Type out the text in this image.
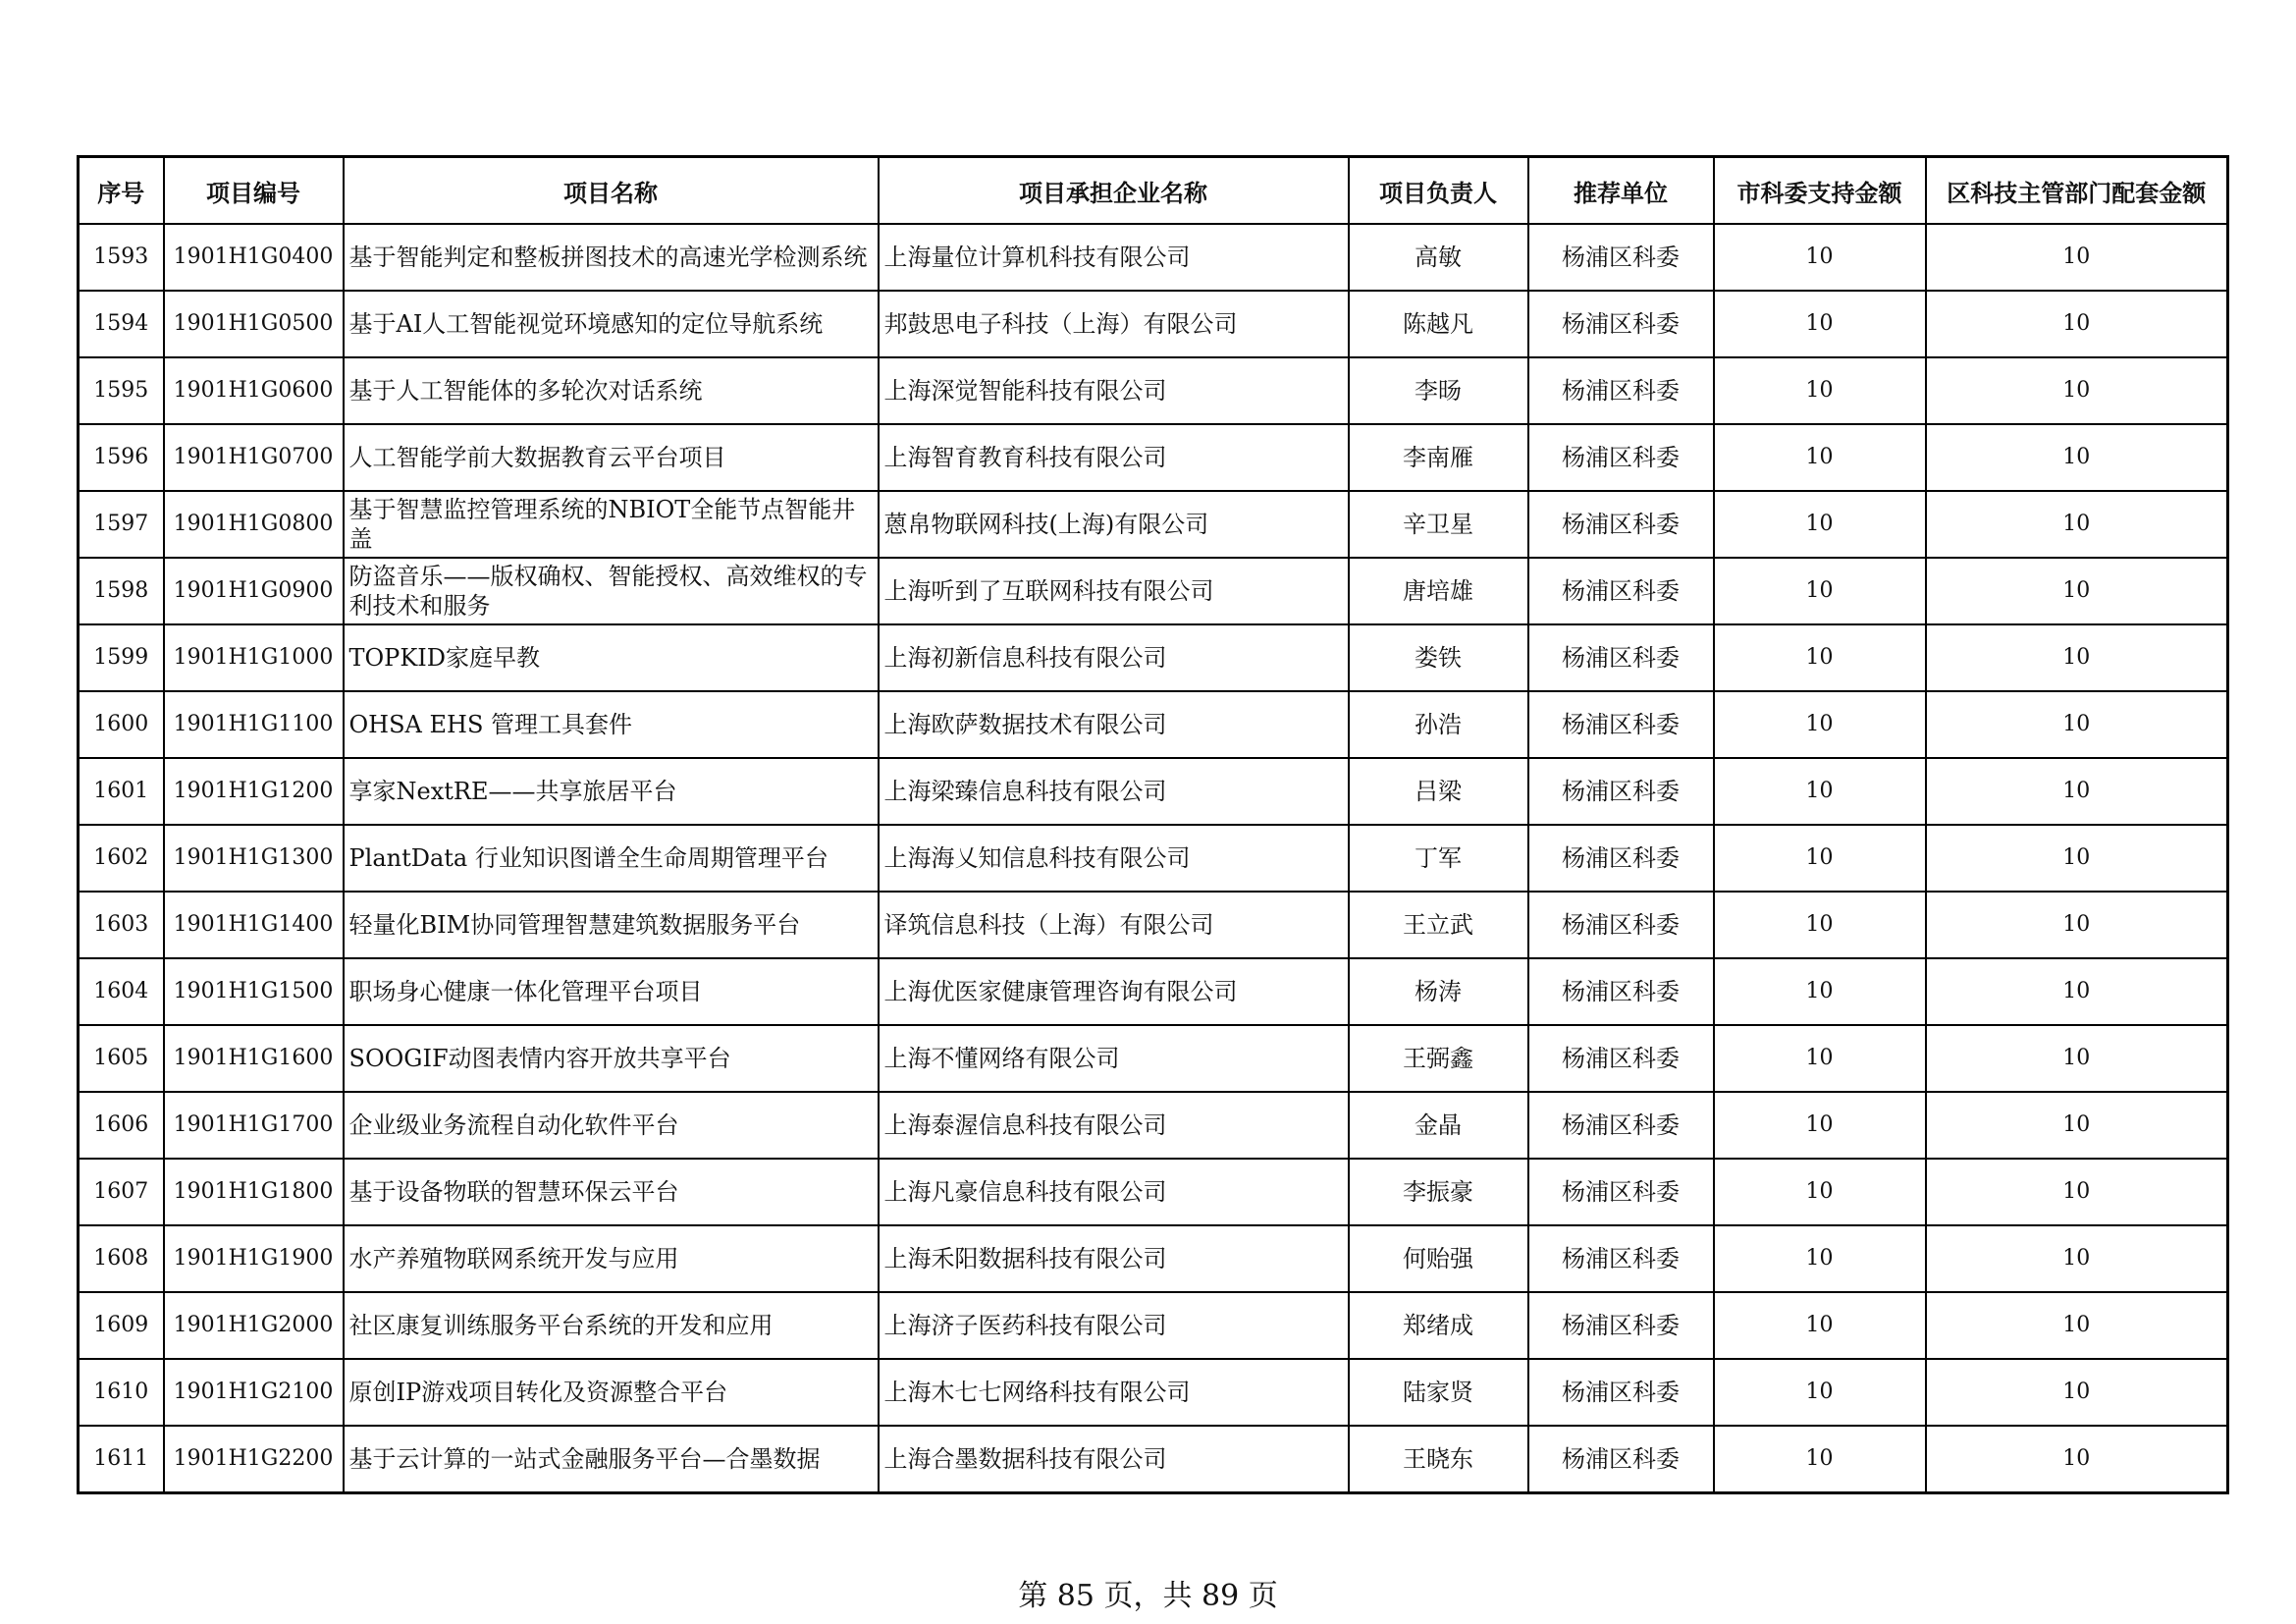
序号	项目编号	项目名称	项目承担企业名称	项目负责人	推荐单位	市科委支持金额	区科技主管部门配套金额
1593	1901H1G0400	基于智能判定和整板拼图技术的高速光学检测系统	上海量位计算机科技有限公司	高敏	杨浦区科委	10	10
1594	1901H1G0500	基于AI人工智能视觉环境感知的定位导航系统	邦鼓思电子科技（上海）有限公司	陈越凡	杨浦区科委	10	10
1595	1901H1G0600	基于人工智能体的多轮次对话系统	上海深觉智能科技有限公司	李旸	杨浦区科委	10	10
1596	1901H1G0700	人工智能学前大数据教育云平台项目	上海智育教育科技有限公司	李南雁	杨浦区科委	10	10
1597	1901H1G0800	基于智慧监控管理系统的NBIOT全能节点智能井盖	蒽帛物联网科技(上海)有限公司	辛卫星	杨浦区科委	10	10
1598	1901H1G0900	防盗音乐——版权确权、智能授权、高效维权的专利技术和服务	上海听到了互联网科技有限公司	唐培雄	杨浦区科委	10	10
1599	1901H1G1000	TOPKID家庭早教	上海初新信息科技有限公司	娄铁	杨浦区科委	10	10
1600	1901H1G1100	OHSA EHS 管理工具套件	上海欧萨数据技术有限公司	孙浩	杨浦区科委	10	10
1601	1901H1G1200	享家NextRE——共享旅居平台	上海梁臻信息科技有限公司	吕梁	杨浦区科委	10	10
1602	1901H1G1300	PlantData 行业知识图谱全生命周期管理平台	上海海乂知信息科技有限公司	丁军	杨浦区科委	10	10
1603	1901H1G1400	轻量化BIM协同管理智慧建筑数据服务平台	译筑信息科技（上海）有限公司	王立武	杨浦区科委	10	10
1604	1901H1G1500	职场身心健康一体化管理平台项目	上海优医家健康管理咨询有限公司	杨涛	杨浦区科委	10	10
1605	1901H1G1600	SOOGIF动图表情内容开放共享平台	上海不懂网络有限公司	王弼鑫	杨浦区科委	10	10
1606	1901H1G1700	企业级业务流程自动化软件平台	上海泰渥信息科技有限公司	金晶	杨浦区科委	10	10
1607	1901H1G1800	基于设备物联的智慧环保云平台	上海凡豪信息科技有限公司	李振豪	杨浦区科委	10	10
1608	1901H1G1900	水产养殖物联网系统开发与应用	上海禾阳数据科技有限公司	何贻强	杨浦区科委	10	10
1609	1901H1G2000	社区康复训练服务平台系统的开发和应用	上海济子医药科技有限公司	郑绪成	杨浦区科委	10	10
1610	1901H1G2100	原创IP游戏项目转化及资源整合平台	上海木七七网络科技有限公司	陆家贤	杨浦区科委	10	10
1611	1901H1G2200	基于云计算的一站式金融服务平台—合墨数据	上海合墨数据科技有限公司	王晓东	杨浦区科委	10	10
第 85 页，共 89 页
